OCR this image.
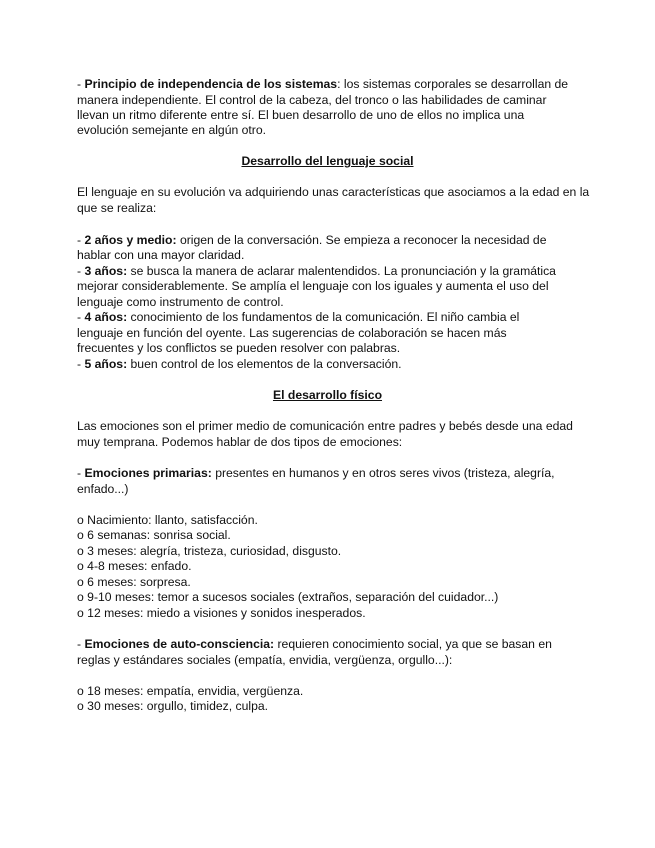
- Principio de independencia de los sistemas: los sistemas corporales se desarrollan de
manera independiente. El control de la cabeza, del tronco o las habilidades de caminar
llevan un ritmo diferente entre sí. El buen desarrollo de uno de ellos no implica una
evolución semejante en algún otro.
Desarrollo del lenguaje social
El lenguaje en su evolución va adquiriendo unas características que asociamos a la edad en la
que se realiza:
- 2 años y medio: origen de la conversación. Se empieza a reconocer la necesidad de
hablar con una mayor claridad.
- 3 años: se busca la manera de aclarar malentendidos. La pronunciación y la gramática
mejorar considerablemente. Se amplía el lenguaje con los iguales y aumenta el uso del
lenguaje como instrumento de control.
- 4 años: conocimiento de los fundamentos de la comunicación. El niño cambia el
lenguaje en función del oyente. Las sugerencias de colaboración se hacen más
frecuentes y los conflictos se pueden resolver con palabras.
- 5 años: buen control de los elementos de la conversación.
El desarrollo físico
Las emociones son el primer medio de comunicación entre padres y bebés desde una edad
muy temprana. Podemos hablar de dos tipos de emociones:
- Emociones primarias: presentes en humanos y en otros seres vivos (tristeza, alegría,
enfado...)
o Nacimiento: llanto, satisfacción.
o 6 semanas: sonrisa social.
o 3 meses: alegría, tristeza, curiosidad, disgusto.
o 4-8 meses: enfado.
o 6 meses: sorpresa.
o 9-10 meses: temor a sucesos sociales (extraños, separación del cuidador...)
o 12 meses: miedo a visiones y sonidos inesperados.
- Emociones de auto-consciencia: requieren conocimiento social, ya que se basan en
reglas y estándares sociales (empatía, envidia, vergüenza, orgullo...):
o 18 meses: empatía, envidia, vergüenza.
o 30 meses: orgullo, timidez, culpa.
